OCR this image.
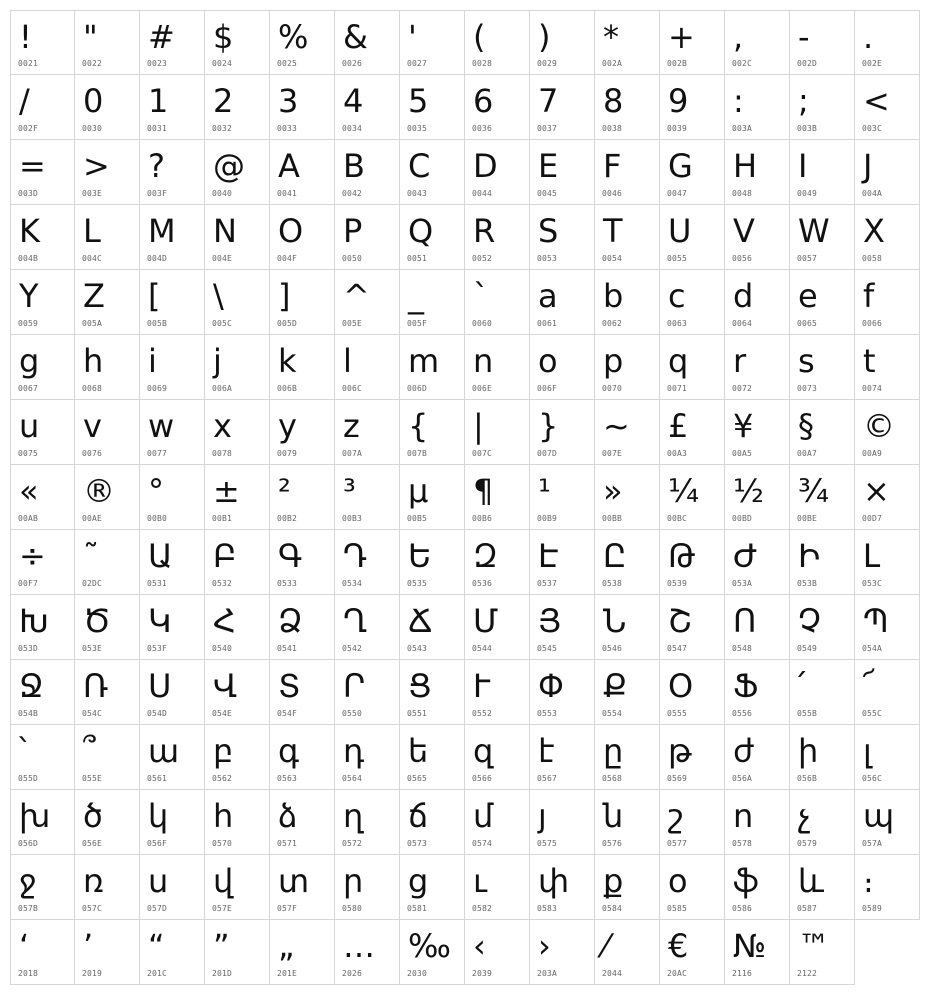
!
0021
"
0022
#
0023
$
0024
%
0025
&
0026
'
0027
(
0028
)
0029
*
002A
+
002B
,
002C
-
002D
.
002E
/
002F
0
0030
1
0031
2
0032
3
0033
4
0034
5
0035
6
0036
7
0037
8
0038
9
0039
:
003A
;
003B
<
003C
=
003D
>
003E
?
003F
@
0040
A
0041
B
0042
C
0043
D
0044
E
0045
F
0046
G
0047
H
0048
I
0049
J
004A
K
004B
L
004C
M
004D
N
004E
O
004F
P
0050
Q
0051
R
0052
S
0053
T
0054
U
0055
V
0056
W
0057
X
0058
Y
0059
Z
005A
[
005B
\
005C
]
005D
^
005E
_
005F
`
0060
a
0061
b
0062
c
0063
d
0064
e
0065
f
0066
g
0067
h
0068
i
0069
j
006A
k
006B
l
006C
m
006D
n
006E
o
006F
p
0070
q
0071
r
0072
s
0073
t
0074
u
0075
v
0076
w
0077
x
0078
y
0079
z
007A
{
007B
|
007C
}
007D
~
007E
£
00A3
¥
00A5
§
00A7
©
00A9
«
00AB
®
00AE
°
00B0
±
00B1
²
00B2
³
00B3
µ
00B5
¶
00B6
¹
00B9
»
00BB
¼
00BC
½
00BD
¾
00BE
×
00D7
÷
00F7
˜
02DC
Ա
0531
Բ
0532
Գ
0533
Դ
0534
Ե
0535
Զ
0536
Է
0537
Ը
0538
Թ
0539
Ժ
053A
Ի
053B
Լ
053C
Խ
053D
Ծ
053E
Կ
053F
Հ
0540
Ձ
0541
Ղ
0542
Ճ
0543
Մ
0544
Յ
0545
Ն
0546
Շ
0547
Ո
0548
Չ
0549
Պ
054A
Ջ
054B
Ռ
054C
Ս
054D
Վ
054E
Տ
054F
Ր
0550
Ց
0551
Ւ
0552
Փ
0553
Ք
0554
Օ
0555
Ֆ
0556
՛
055B
՜
055C
՝
055D
՞
055E
ա
0561
բ
0562
գ
0563
դ
0564
ե
0565
զ
0566
է
0567
ը
0568
թ
0569
ժ
056A
ի
056B
լ
056C
խ
056D
ծ
056E
կ
056F
հ
0570
ձ
0571
ղ
0572
ճ
0573
մ
0574
յ
0575
ն
0576
շ
0577
ո
0578
չ
0579
պ
057A
ջ
057B
ռ
057C
ս
057D
վ
057E
տ
057F
ր
0580
ց
0581
ւ
0582
փ
0583
ք
0584
օ
0585
ֆ
0586
և
0587
։
0589
‘
2018
’
2019
“
201C
”
201D
„
201E
…
2026
‰
2030
‹
2039
›
203A
⁄
2044
€
20AC
№
2116
™
2122
